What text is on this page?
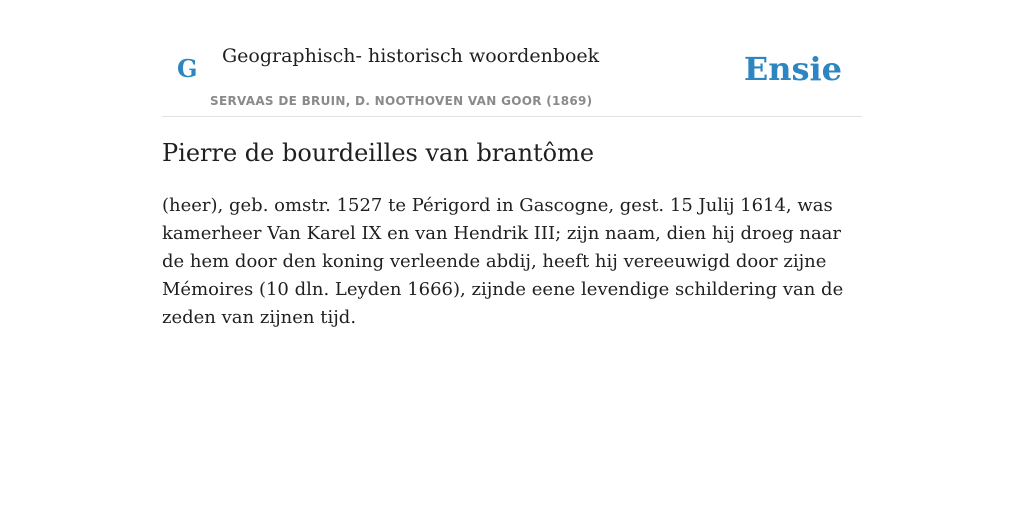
G Geographisch- historisch woordenboek
SERVAAS DE BRUIN, D. NOOTHOVEN VAN GOOR (1869)
Ensie
Pierre de bourdeilles van brantôme

(heer), geb. omstr. 1527 te Périgord in Gascogne, gest. 15 Julij 1614, was kamerheer Van Karel IX en van Hendrik III; zijn naam, dien hij droeg naar de hem door den koning verleende abdij, heeft hij vereeuwigd door zijne Mémoires (10 dln. Leyden 1666), zijnde eene levendige schildering van de zeden van zijnen tijd.
